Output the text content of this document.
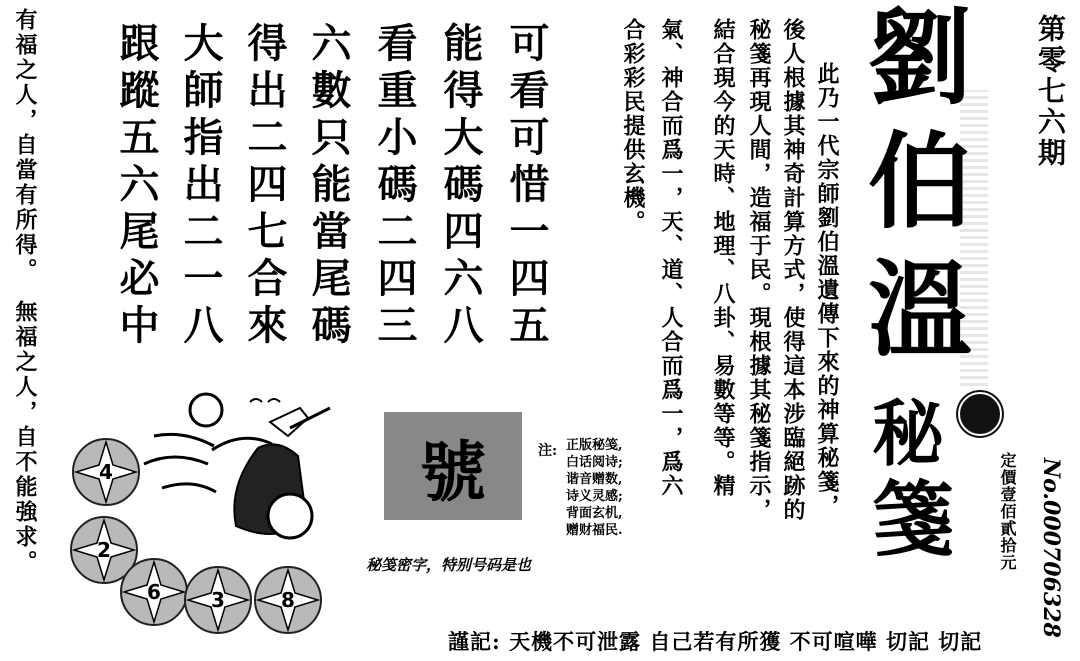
有福之人，自當有所得。
無福之人，自不能強求。
可看可惜一四五
能得大碼四六八
看重小碼二四三
六數只能當尾碼
得出二四七合來
大師指出二一八
跟蹤五六尾必中	此乃一代宗師劉伯溫遺傳下來的神算秘箋，
後人根據其神奇計算方式，使得這本涉臨絕跡的
秘箋再現人間，造福于民。現根據其秘箋指示，
結合現今的天時、地理、八卦、易數等等。精
氣、神合而爲一，天、道、人合而爲一，爲六
合彩彩民提供玄機。 劉
伯
溫
秘
箋
第零七六期
No.000706328
定價壹佰貳拾元
號	注: 正版秘笺,
白话阅诗;
谐音赠数,
诗义灵感;
背面玄机,
赠财福民.
秘笺密字，特别号码是也
謹記: 天機不可泄露 自己若有所獲 不可喧嘩 切記 切記
4
2
6	3	8
